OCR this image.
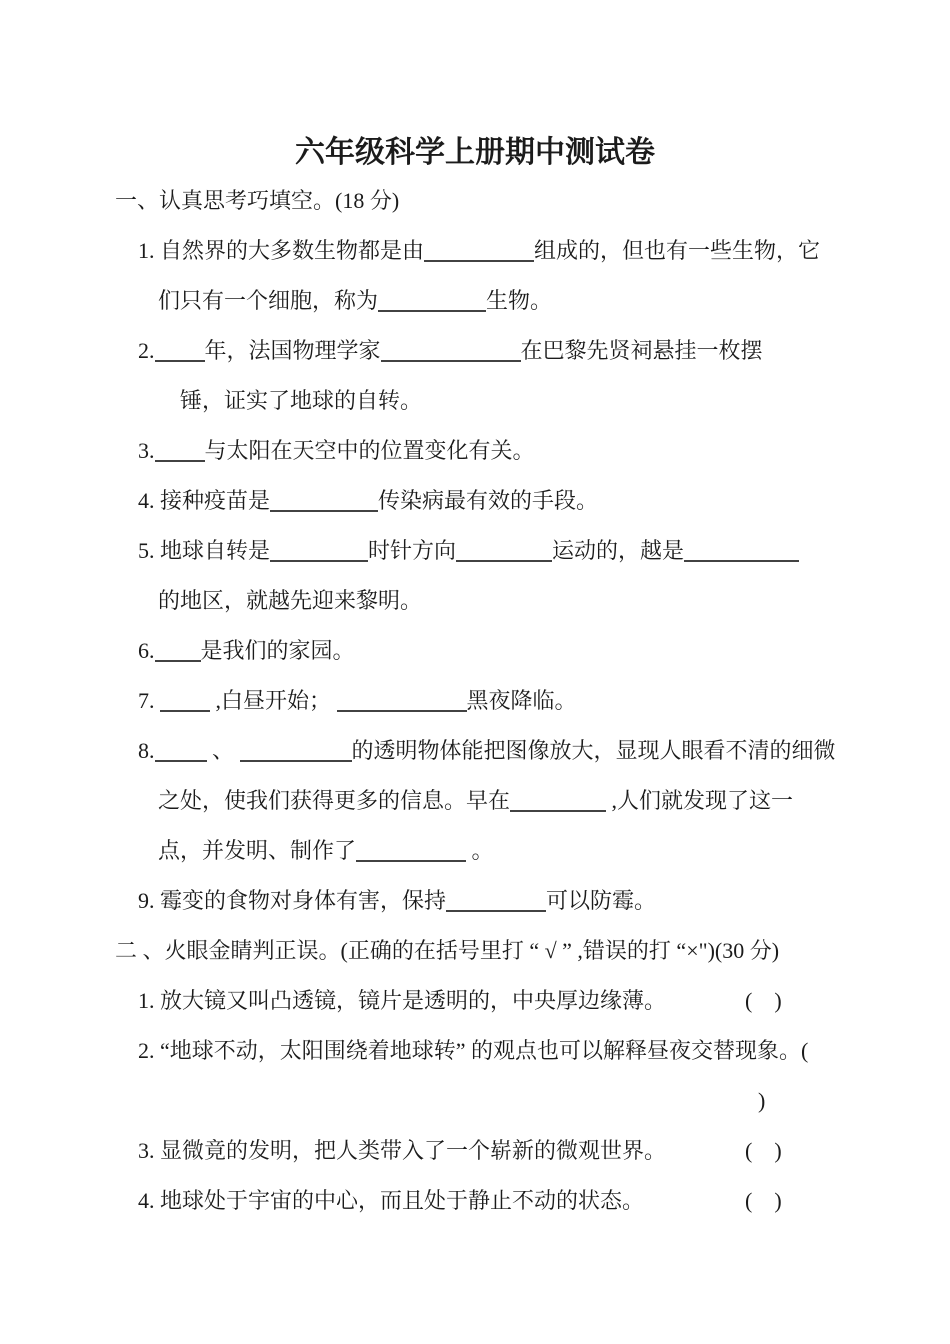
六年级科学上册期中测试卷
一、认真思考巧填空。(18 分)
1. 自然界的大多数生物都是由	组成的，但也有一些生物，它
们只有一个细胞，称为	生物。
2. 年，法国物理学家	在巴黎先贤祠悬挂一枚摆
锤，证实了地球的自转。
3. 与太阳在天空中的位置变化有关。
4. 接种疫苗是	传染病最有效的手段。
5. 地球自转是	时针方向	运动的，越是
的地区，就越先迎来黎明。
6. 是我们的家园。
7.  ,白昼开始；	黑夜降临。
8. 、	的透明物体能把图像放大，显现人眼看不清的细微
之处，使我们获得更多的信息。早在	,人们就发现了这一
点，并发明、制作了	。
9. 霉变的食物对身体有害，保持	可以防霉。
二 、火眼金睛判正误。(正确的在括号里打 “ √ ” ,错误的打 “×")(30 分)
1. 放大镜又叫凸透镜，镜片是透明的，中央厚边缘薄。	(　)
2. “地球不动，太阳围绕着地球转” 的观点也可以解释昼夜交替现象。(
)
3. 显微竟的发明，把人类带入了一个崭新的微观世界。	(　)
4. 地球处于宇宙的中心，而且处于静止不动的状态。	(　)
